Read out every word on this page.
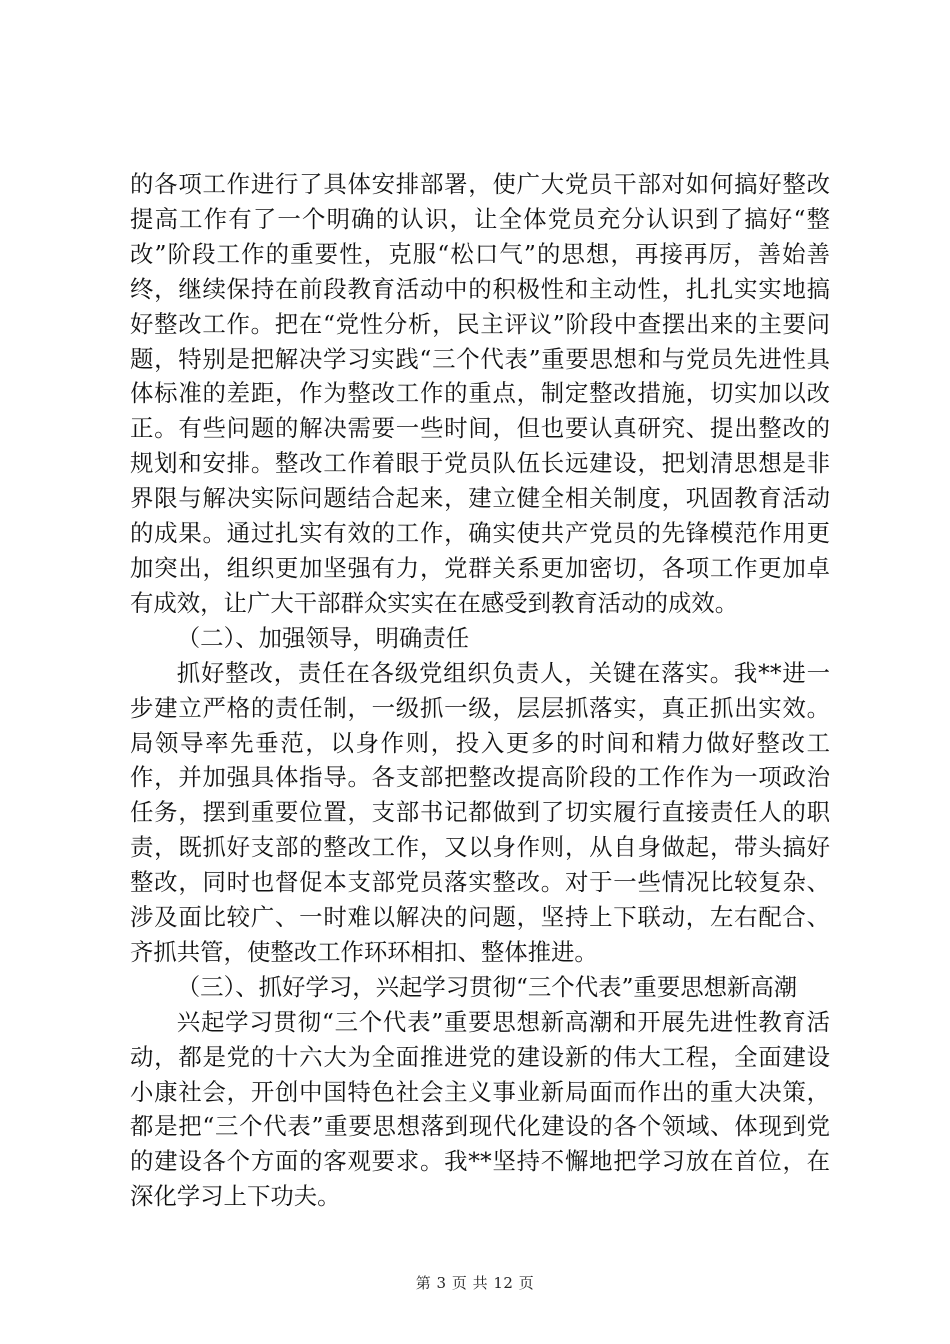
的各项工作进行了具体安排部署，使广大党员干部对如何搞好整改提高工作有了一个明确的认识，让全体党员充分认识到了搞好“整改”阶段工作的重要性，克服“松口气”的思想，再接再厉，善始善终，继续保持在前段教育活动中的积极性和主动性，扎扎实实地搞好整改工作。把在“党性分析，民主评议”阶段中查摆出来的主要问题，特别是把解决学习实践“三个代表”重要思想和与党员先进性具体标准的差距，作为整改工作的重点，制定整改措施，切实加以改正。有些问题的解决需要一些时间，但也要认真研究、提出整改的规划和安排。整改工作着眼于党员队伍长远建设，把划清思想是非界限与解决实际问题结合起来，建立健全相关制度，巩固教育活动的成果。通过扎实有效的工作，确实使共产党员的先锋模范作用更加突出，组织更加坚强有力，党群关系更加密切，各项工作更加卓有成效，让广大干部群众实实在在感受到教育活动的成效。

（二）、加强领导，明确责任

抓好整改，责任在各级党组织负责人，关键在落实。我**进一步建立严格的责任制，一级抓一级，层层抓落实，真正抓出实效。局领导率先垂范，以身作则，投入更多的时间和精力做好整改工作，并加强具体指导。各支部把整改提高阶段的工作作为一项政治任务，摆到重要位置，支部书记都做到了切实履行直接责任人的职责，既抓好支部的整改工作，又以身作则，从自身做起，带头搞好整改，同时也督促本支部党员落实整改。对于一些情况比较复杂、涉及面比较广、一时难以解决的问题，坚持上下联动，左右配合、齐抓共管，使整改工作环环相扣、整体推进。

（三）、抓好学习，兴起学习贯彻“三个代表”重要思想新高潮

兴起学习贯彻“三个代表”重要思想新高潮和开展先进性教育活动，都是党的十六大为全面推进党的建设新的伟大工程，全面建设小康社会，开创中国特色社会主义事业新局面而作出的重大决策，都是把“三个代表”重要思想落到现代化建设的各个领域、体现到党的建设各个方面的客观要求。我**坚持不懈地把学习放在首位，在深化学习上下功夫。

第 3 页 共 12 页
